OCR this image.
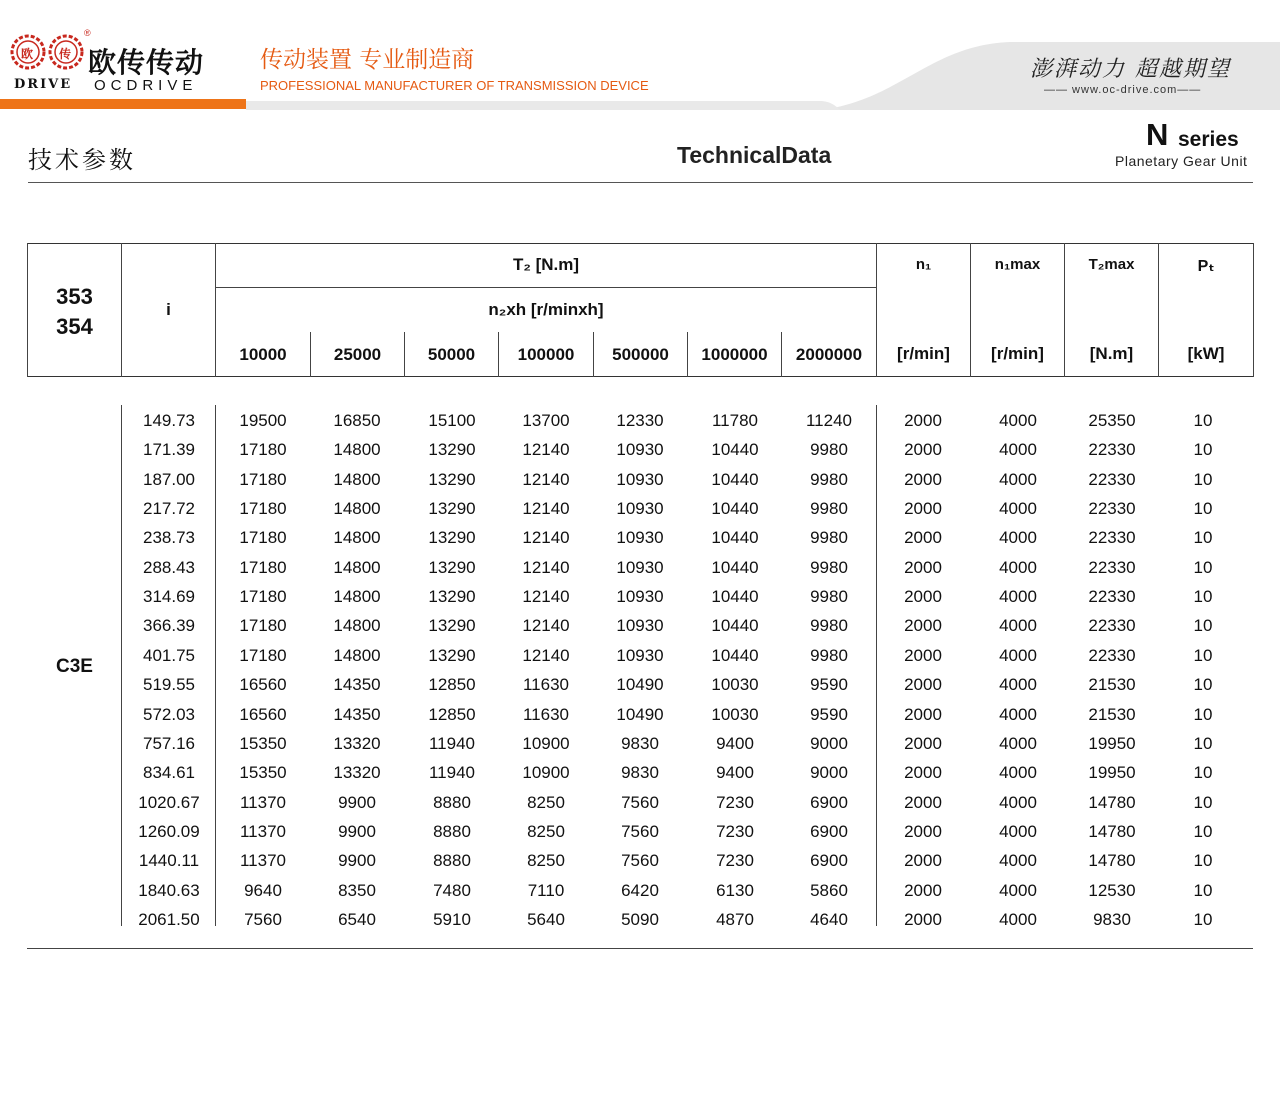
欧 传
®
欧传传动
DRIVE OCDRIVE
传动装置 专业制造商
PROFESSIONAL MANUFACTURER OF TRANSMISSION DEVICE
澎湃动力 超越期望
—— www.oc-drive.com——
技术参数	TechnicalData
N series
Planetary Gear Unit
353
354
i
T₂ [N.m]
n₂xh [r/minxh]
10000	25000	50000	100000	500000	1000000	2000000
n₁	n₁max	T₂max	Pₜ
[r/min]	[r/min]	[N.m]	[kW]
C3E
149.73	19500	16850	15100	13700	12330	11780	11240	2000	4000	25350	10
171.39	17180	14800	13290	12140	10930	10440	9980	2000	4000	22330	10
187.00	17180	14800	13290	12140	10930	10440	9980	2000	4000	22330	10
217.72	17180	14800	13290	12140	10930	10440	9980	2000	4000	22330	10
238.73	17180	14800	13290	12140	10930	10440	9980	2000	4000	22330	10
288.43	17180	14800	13290	12140	10930	10440	9980	2000	4000	22330	10
314.69	17180	14800	13290	12140	10930	10440	9980	2000	4000	22330	10
366.39	17180	14800	13290	12140	10930	10440	9980	2000	4000	22330	10
401.75	17180	14800	13290	12140	10930	10440	9980	2000	4000	22330	10
519.55	16560	14350	12850	11630	10490	10030	9590	2000	4000	21530	10
572.03	16560	14350	12850	11630	10490	10030	9590	2000	4000	21530	10
757.16	15350	13320	11940	10900	9830	9400	9000	2000	4000	19950	10
834.61	15350	13320	11940	10900	9830	9400	9000	2000	4000	19950	10
1020.67	11370	9900	8880	8250	7560	7230	6900	2000	4000	14780	10
1260.09	11370	9900	8880	8250	7560	7230	6900	2000	4000	14780	10
1440.11	11370	9900	8880	8250	7560	7230	6900	2000	4000	14780	10
1840.63	9640	8350	7480	7110	6420	6130	5860	2000	4000	12530	10
2061.50	7560	6540	5910	5640	5090	4870	4640	2000	4000	9830	10
